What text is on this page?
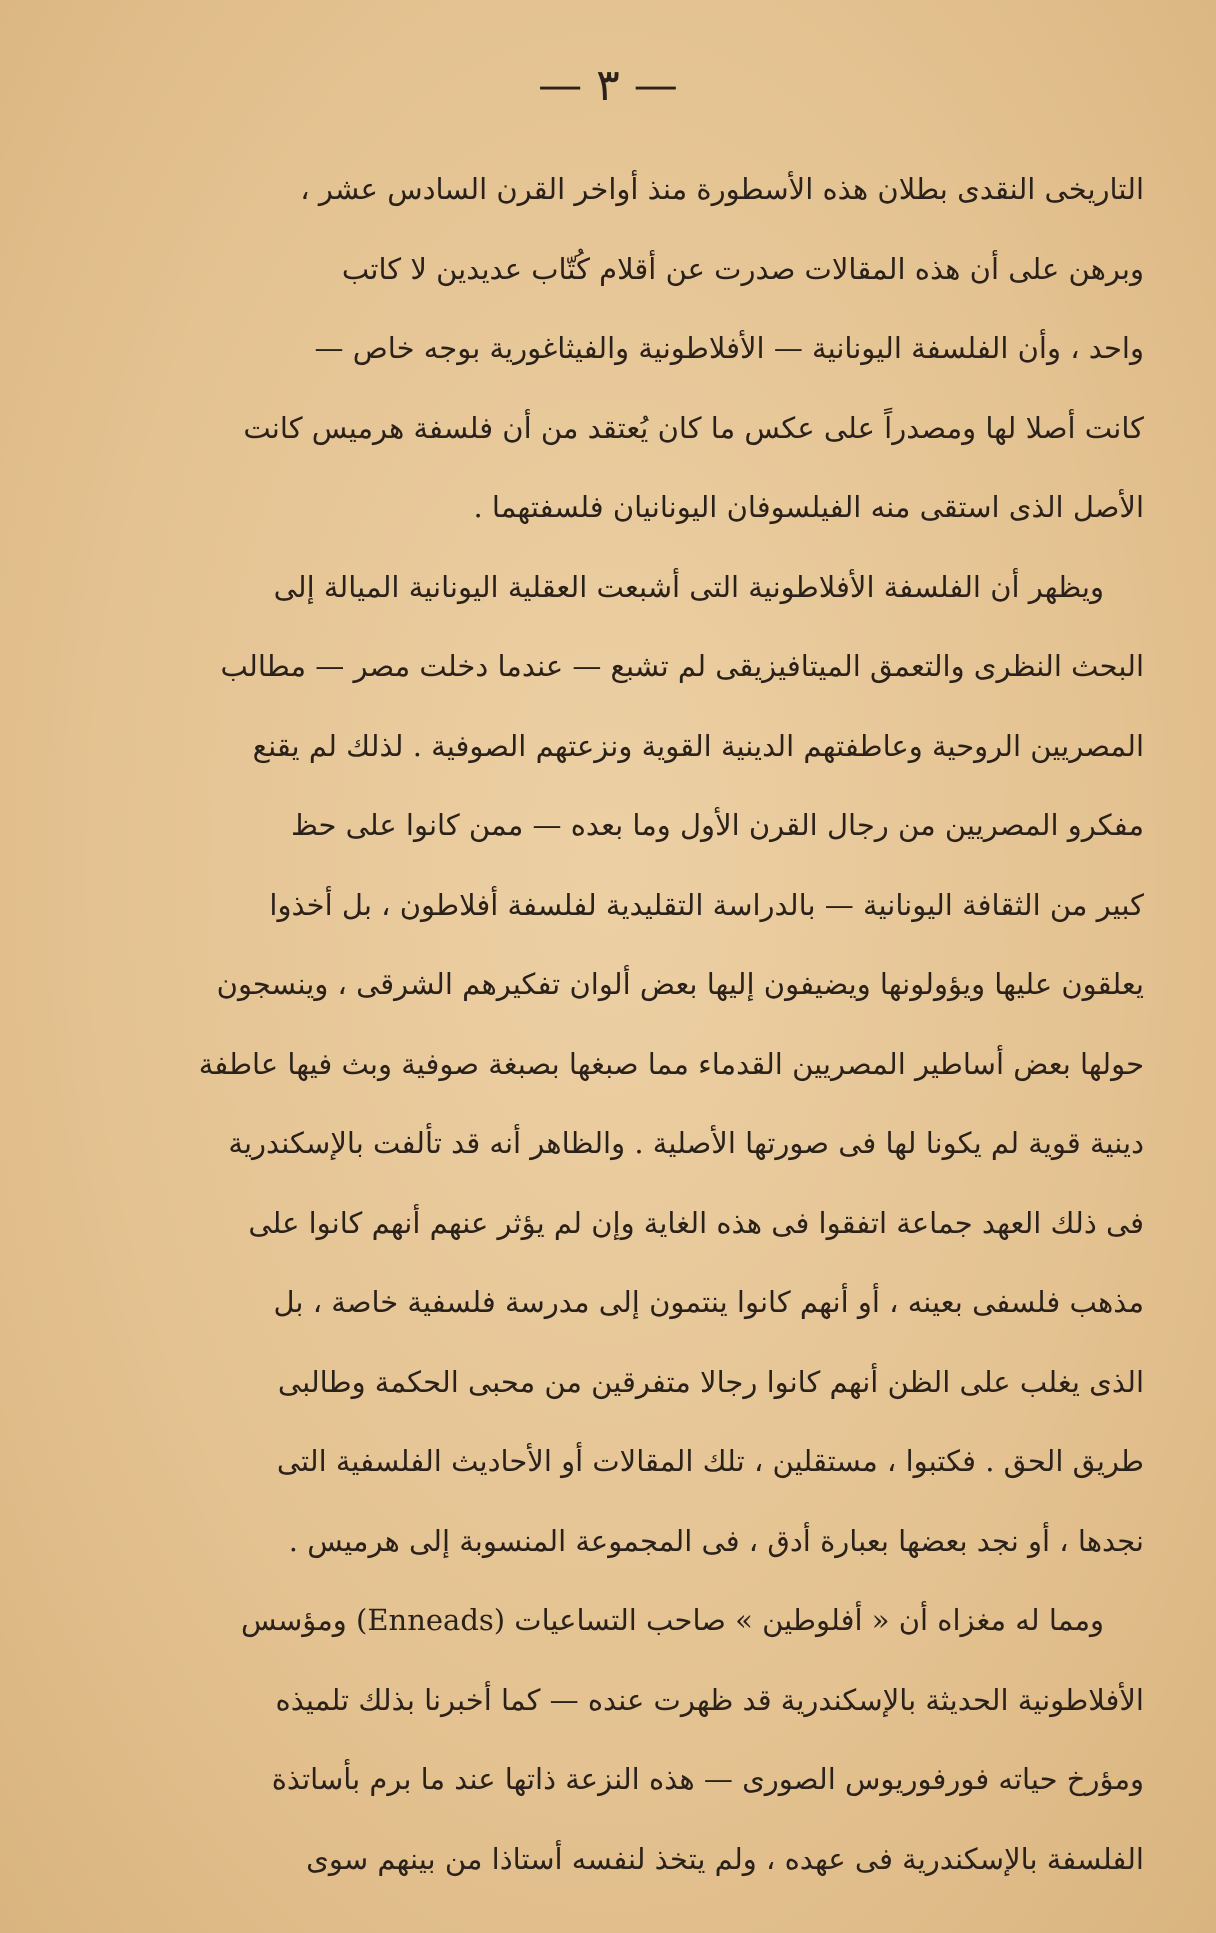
— ٣ —
التاريخى النقدى بطلان هذه الأسطورة منذ أواخر القرن السادس عشر ،
وبرهن على أن هذه المقالات صدرت عن أقلام كُتّاب عديدين لا كاتب
واحد ، وأن الفلسفة اليونانية — الأفلاطونية والفيثاغورية بوجه خاص —
كانت أصلا لها ومصدراً على عكس ما كان يُعتقد من أن فلسفة هرميس كانت
الأصل الذى استقى منه الفيلسوفان اليونانيان فلسفتهما .
ويظهر أن الفلسفة الأفلاطونية التى أشبعت العقلية اليونانية الميالة إلى
البحث النظرى والتعمق الميتافيزيقى لم تشبع — عندما دخلت مصر — مطالب
المصريين الروحية وعاطفتهم الدينية القوية ونزعتهم الصوفية . لذلك لم يقنع
مفكرو المصريين من رجال القرن الأول وما بعده — ممن كانوا على حظ
كبير من الثقافة اليونانية — بالدراسة التقليدية لفلسفة أفلاطون ، بل أخذوا
يعلقون عليها ويؤولونها ويضيفون إليها بعض ألوان تفكيرهم الشرقى ، وينسجون
حولها بعض أساطير المصريين القدماء مما صبغها بصبغة صوفية وبث فيها عاطفة
دينية قوية لم يكونا لها فى صورتها الأصلية . والظاهر أنه قد تألفت بالإسكندرية
فى ذلك العهد جماعة اتفقوا فى هذه الغاية وإن لم يؤثر عنهم أنهم كانوا على
مذهب فلسفى بعينه ، أو أنهم كانوا ينتمون إلى مدرسة فلسفية خاصة ، بل
الذى يغلب على الظن أنهم كانوا رجالا متفرقين من محبى الحكمة وطالبى
طريق الحق . فكتبوا ، مستقلين ، تلك المقالات أو الأحاديث الفلسفية التى
نجدها ، أو نجد بعضها بعبارة أدق ، فى المجموعة المنسوبة إلى هرميس .
ومما له مغزاه أن « أفلوطين » صاحب التساعيات (Enneads) ومؤسس
الأفلاطونية الحديثة بالإسكندرية قد ظهرت عنده — كما أخبرنا بذلك تلميذه
ومؤرخ حياته فورفوريوس الصورى — هذه النزعة ذاتها عند ما برم بأساتذة
الفلسفة بالإسكندرية فى عهده ، ولم يتخذ لنفسه أستاذا من بينهم سوى
